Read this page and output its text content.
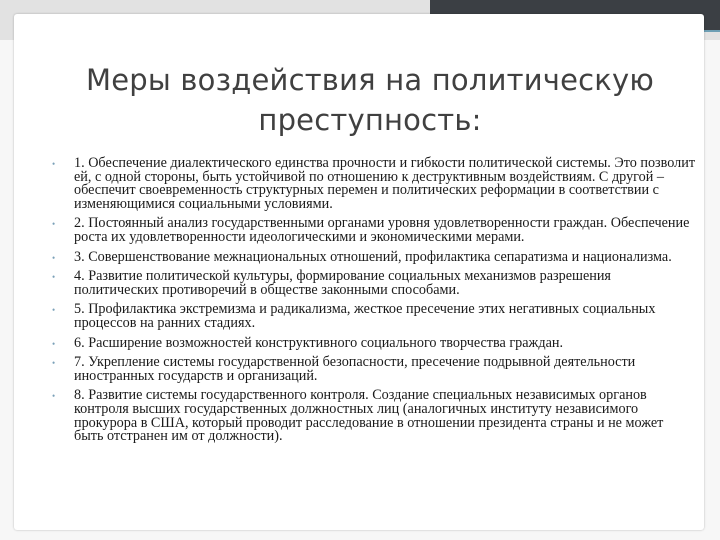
Меры воздействия на политическую
преступность:
• 1. Обеспечение диалектического единства прочности и гибкости политической системы. Это позволит ей, с одной стороны, быть устойчивой по отношению к деструктивным воздействиям. С другой – обеспечит своевременность структурных перемен и политических реформации в соответствии с изменяющимися социальными условиями.
• 2. Постоянный анализ государственными органами уровня удовлетворенности граждан. Обеспечение роста их удовлетворенности идеологическими и экономическими мерами.
• 3. Совершенствование межнациональных отношений, профилактика сепаратизма и национализма.
• 4. Развитие политической культуры, формирование социальных механизмов разрешения политических противоречий в обществе законными способами.
• 5. Профилактика экстремизма и радикализма, жесткое пресечение этих негативных социальных процессов на ранних стадиях.
• 6. Расширение возможностей конструктивного социального творчества граждан.
• 7. Укрепление системы государственной безопасности, пресечение подрывной деятельности иностранных государств и организаций.
• 8. Развитие системы государственного контроля. Создание специальных независимых органов контроля высших государственных должностных лиц (аналогичных институту независимого прокурора в США, который проводит расследование в отношении президента страны и не может быть отстранен им от должности).
